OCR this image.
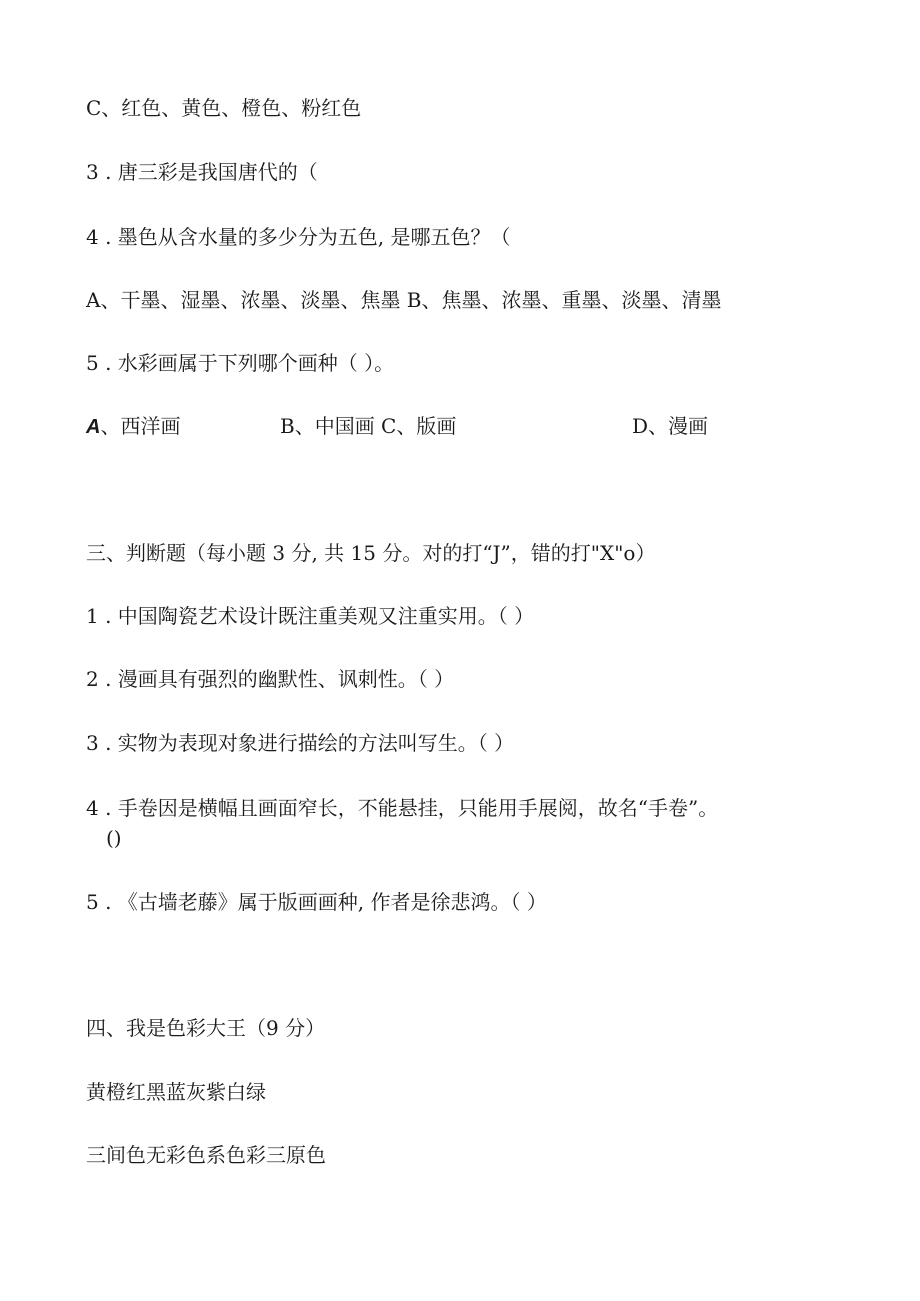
C、红色、黄色、橙色、粉红色

3 . 唐三彩是我国唐代的（

4 . 墨色从含水量的多少分为五色, 是哪五色？（

A、干墨、湿墨、浓墨、淡墨、焦墨 B、焦墨、浓墨、重墨、淡墨、清墨

5 . 水彩画属于下列哪个画种（ ）。

A、西洋画	B、中国画 C、版画	D、漫画

三、判断题（每小题 3 分, 共 15 分。对的打“J”，错的打"X"o）

1 . 中国陶瓷艺术设计既注重美观又注重实用。（ ）

2 . 漫画具有强烈的幽默性、讽刺性。（ ）

3 . 实物为表现对象进行描绘的方法叫写生。（ ）

4 . 手卷因是横幅且画面窄长，不能悬挂，只能用手展阅，故名“手卷”。

()

5 . 《古墙老藤》属于版画画种, 作者是徐悲鸿。（ ）

四、我是色彩大王（9 分）

黄橙红黑蓝灰紫白绿

三间色无彩色系色彩三原色
